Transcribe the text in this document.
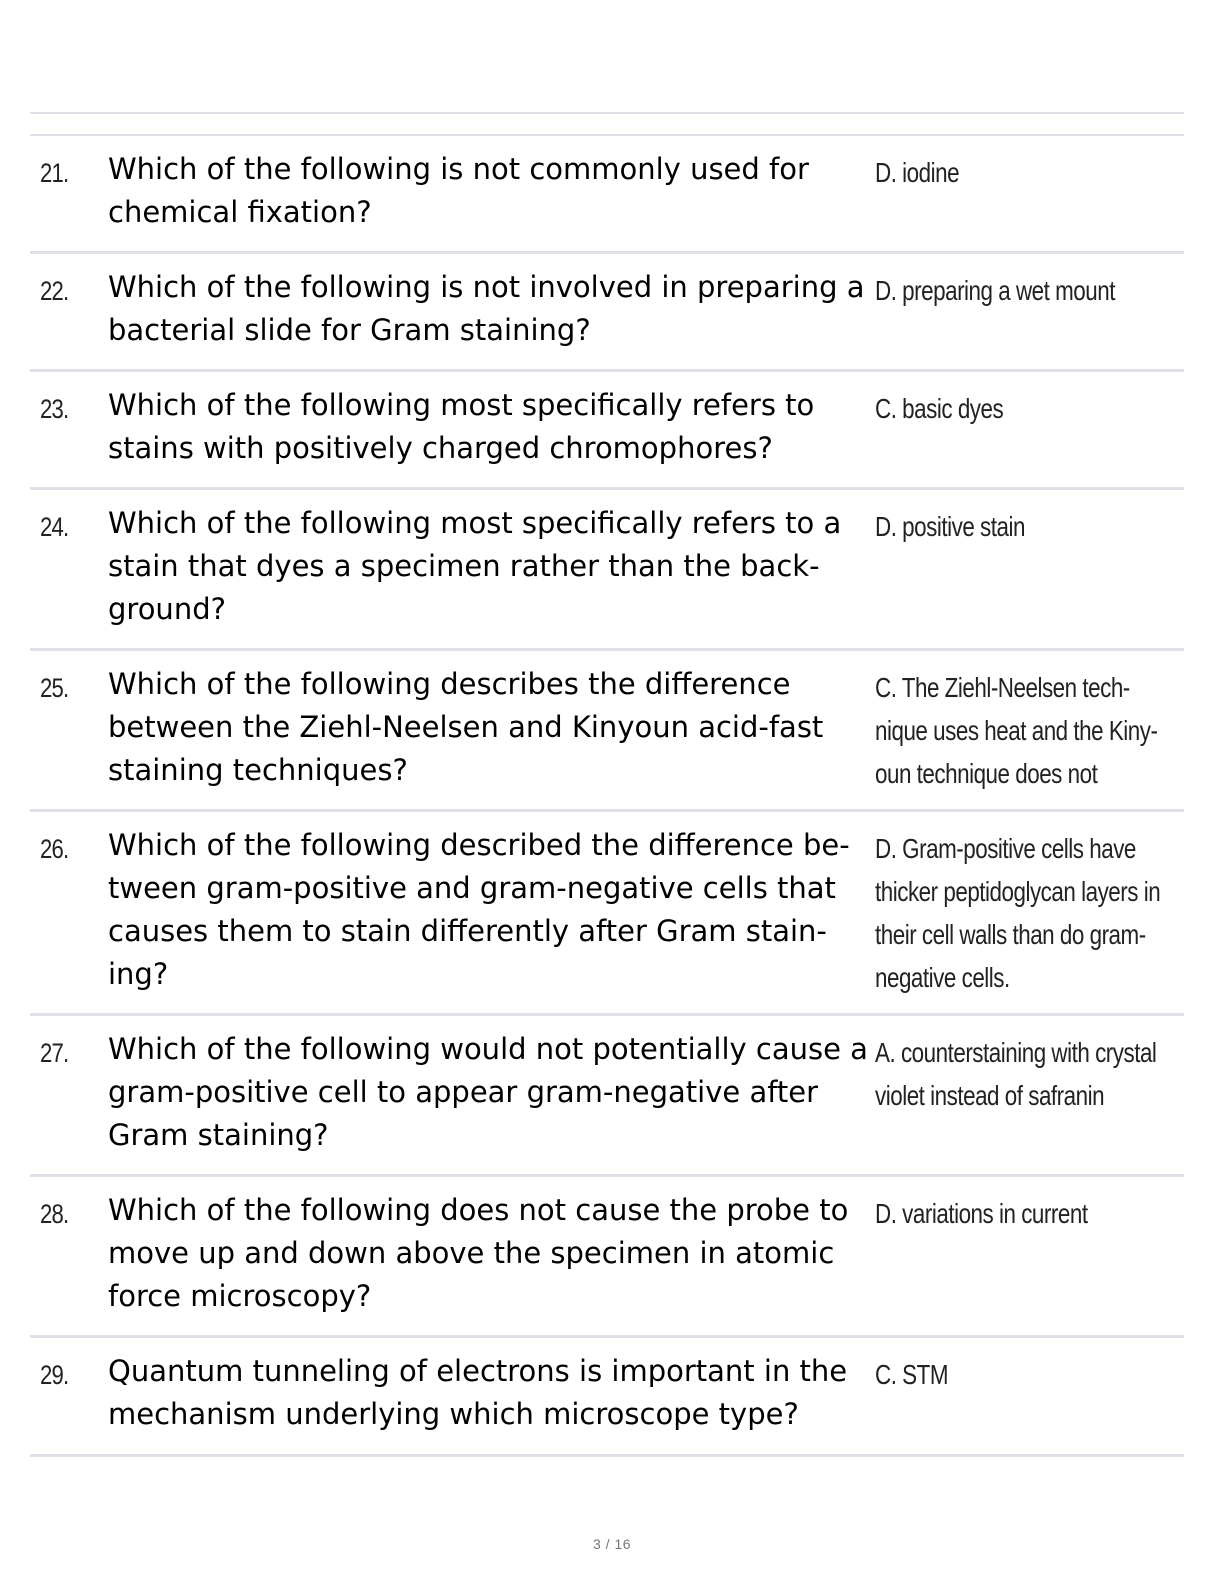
21. Which of the following is not commonly used for chemical fixation?
D. iodine
22. Which of the following is not involved in preparing a bacterial slide for Gram staining?
D. preparing a wet mount
23. Which of the following most specifically refers to stains with positively charged chromophores?
C. basic dyes
24. Which of the following most specifically refers to a stain that dyes a specimen rather than the back-ground?
D. positive stain
25. Which of the following describes the difference between the Ziehl-Neelsen and Kinyoun acid-fast staining techniques?
C. The Ziehl-Neelsen tech-nique uses heat and the Kiny-oun technique does not
26. Which of the following described the difference be-tween gram-positive and gram-negative cells that causes them to stain differently after Gram stain-ing?
D. Gram-positive cells have thicker peptidoglycan layers in their cell walls than do gram-negative cells.
27. Which of the following would not potentially cause a gram-positive cell to appear gram-negative after Gram staining?
A. counterstaining with crystal violet instead of safranin
28. Which of the following does not cause the probe to move up and down above the specimen in atomic force microscopy?
D. variations in current
29. Quantum tunneling of electrons is important in the mechanism underlying which microscope type?
C. STM
3 / 16
